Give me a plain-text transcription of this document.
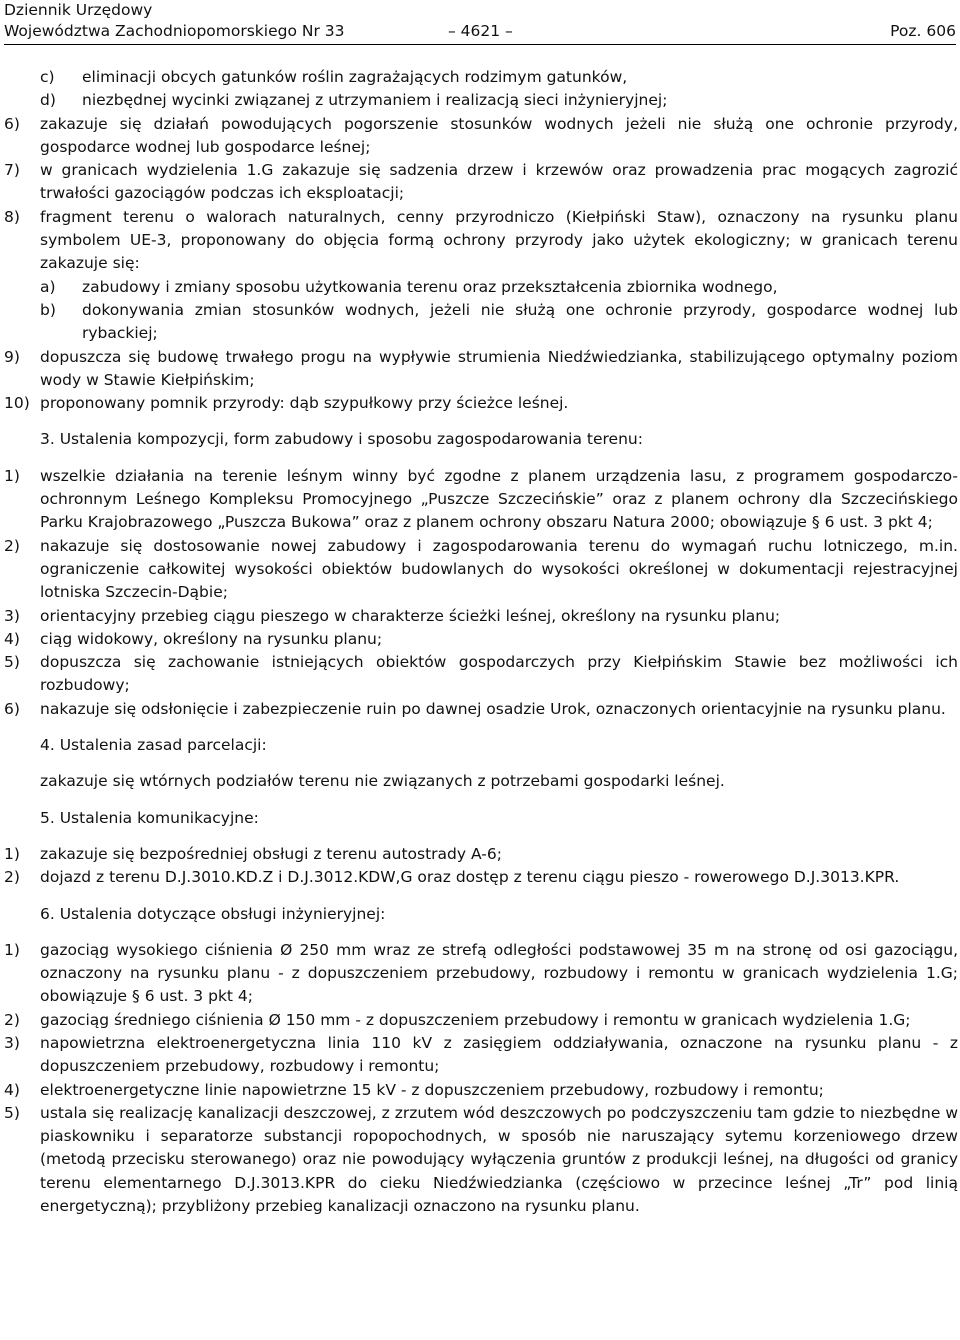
Dziennik Urzędowy
Województwa Zachodniopomorskiego Nr 33	– 4621 –	Poz. 606
c) eliminacji obcych gatunków roślin zagrażających rodzimym gatunków,
d) niezbędnej wycinki związanej z utrzymaniem i realizacją sieci inżynieryjnej;
6) zakazuje się działań powodujących pogorszenie stosunków wodnych jeżeli nie służą one ochronie przyrody, gospodarce wodnej lub gospodarce leśnej;
7) w granicach wydzielenia 1.G zakazuje się sadzenia drzew i krzewów oraz prowadzenia prac mogących zagrozić trwałości gazociągów podczas ich eksploatacji;
8) fragment terenu o walorach naturalnych, cenny przyrodniczo (Kiełpiński Staw), oznaczony na rysunku planu symbolem UE-3, proponowany do objęcia formą ochrony przyrody jako użytek ekologiczny; w granicach terenu zakazuje się:
a) zabudowy i zmiany sposobu użytkowania terenu oraz przekształcenia zbiornika wodnego,
b) dokonywania zmian stosunków wodnych, jeżeli nie służą one ochronie przyrody, gospodarce wodnej lub rybackiej;
9) dopuszcza się budowę trwałego progu na wypływie strumienia Niedźwiedzianka, stabilizującego optymalny poziom wody w Stawie Kiełpińskim;
10) proponowany pomnik przyrody: dąb szypułkowy przy ścieżce leśnej.
3. Ustalenia kompozycji, form zabudowy i sposobu zagospodarowania terenu:
1) wszelkie działania na terenie leśnym winny być zgodne z planem urządzenia lasu, z programem gospodarczo-ochronnym Leśnego Kompleksu Promocyjnego „Puszcze Szczecińskie” oraz z planem ochrony dla Szczecińskiego Parku Krajobrazowego „Puszcza Bukowa” oraz z planem ochrony obszaru Natura 2000; obowiązuje § 6 ust. 3 pkt 4;
2) nakazuje się dostosowanie nowej zabudowy i zagospodarowania terenu do wymagań ruchu lotniczego, m.in. ograniczenie całkowitej wysokości obiektów budowlanych do wysokości określonej w dokumentacji rejestracyjnej lotniska Szczecin-Dąbie;
3) orientacyjny przebieg ciągu pieszego w charakterze ścieżki leśnej, określony na rysunku planu;
4) ciąg widokowy, określony na rysunku planu;
5) dopuszcza się zachowanie istniejących obiektów gospodarczych przy Kiełpińskim Stawie bez możliwości ich rozbudowy;
6) nakazuje się odsłonięcie i zabezpieczenie ruin po dawnej osadzie Urok, oznaczonych orientacyjnie na rysunku planu.
4. Ustalenia zasad parcelacji:
zakazuje się wtórnych podziałów terenu nie związanych z potrzebami gospodarki leśnej.
5. Ustalenia komunikacyjne:
1) zakazuje się bezpośredniej obsługi z terenu autostrady A-6;
2) dojazd z terenu D.J.3010.KD.Z i D.J.3012.KDW,G oraz dostęp z terenu ciągu pieszo - rowerowego D.J.3013.KPR.
6. Ustalenia dotyczące obsługi inżynieryjnej:
1) gazociąg wysokiego ciśnienia Ø 250 mm wraz ze strefą odległości podstawowej 35 m na stronę od osi gazociągu, oznaczony na rysunku planu - z dopuszczeniem przebudowy, rozbudowy i remontu w granicach wydzielenia 1.G; obowiązuje § 6 ust. 3 pkt 4;
2) gazociąg średniego ciśnienia Ø 150 mm - z dopuszczeniem przebudowy i remontu w granicach wydzielenia 1.G;
3) napowietrzna elektroenergetyczna linia 110 kV z zasięgiem oddziaływania, oznaczone na rysunku planu - z dopuszczeniem przebudowy, rozbudowy i remontu;
4) elektroenergetyczne linie napowietrzne 15 kV - z dopuszczeniem przebudowy, rozbudowy i remontu;
5) ustala się realizację kanalizacji deszczowej, z zrzutem wód deszczowych po podczyszczeniu tam gdzie to niezbędne w piaskowniku i separatorze substancji ropopochodnych, w sposób nie naruszający sytemu korzeniowego drzew (metodą przecisku sterowanego) oraz nie powodujący wyłączenia gruntów z produkcji leśnej, na długości od granicy terenu elementarnego D.J.3013.KPR do cieku Niedźwiedzianka (częściowo w przecince leśnej „Tr” pod linią energetyczną); przybliżony przebieg kanalizacji oznaczono na rysunku planu.
